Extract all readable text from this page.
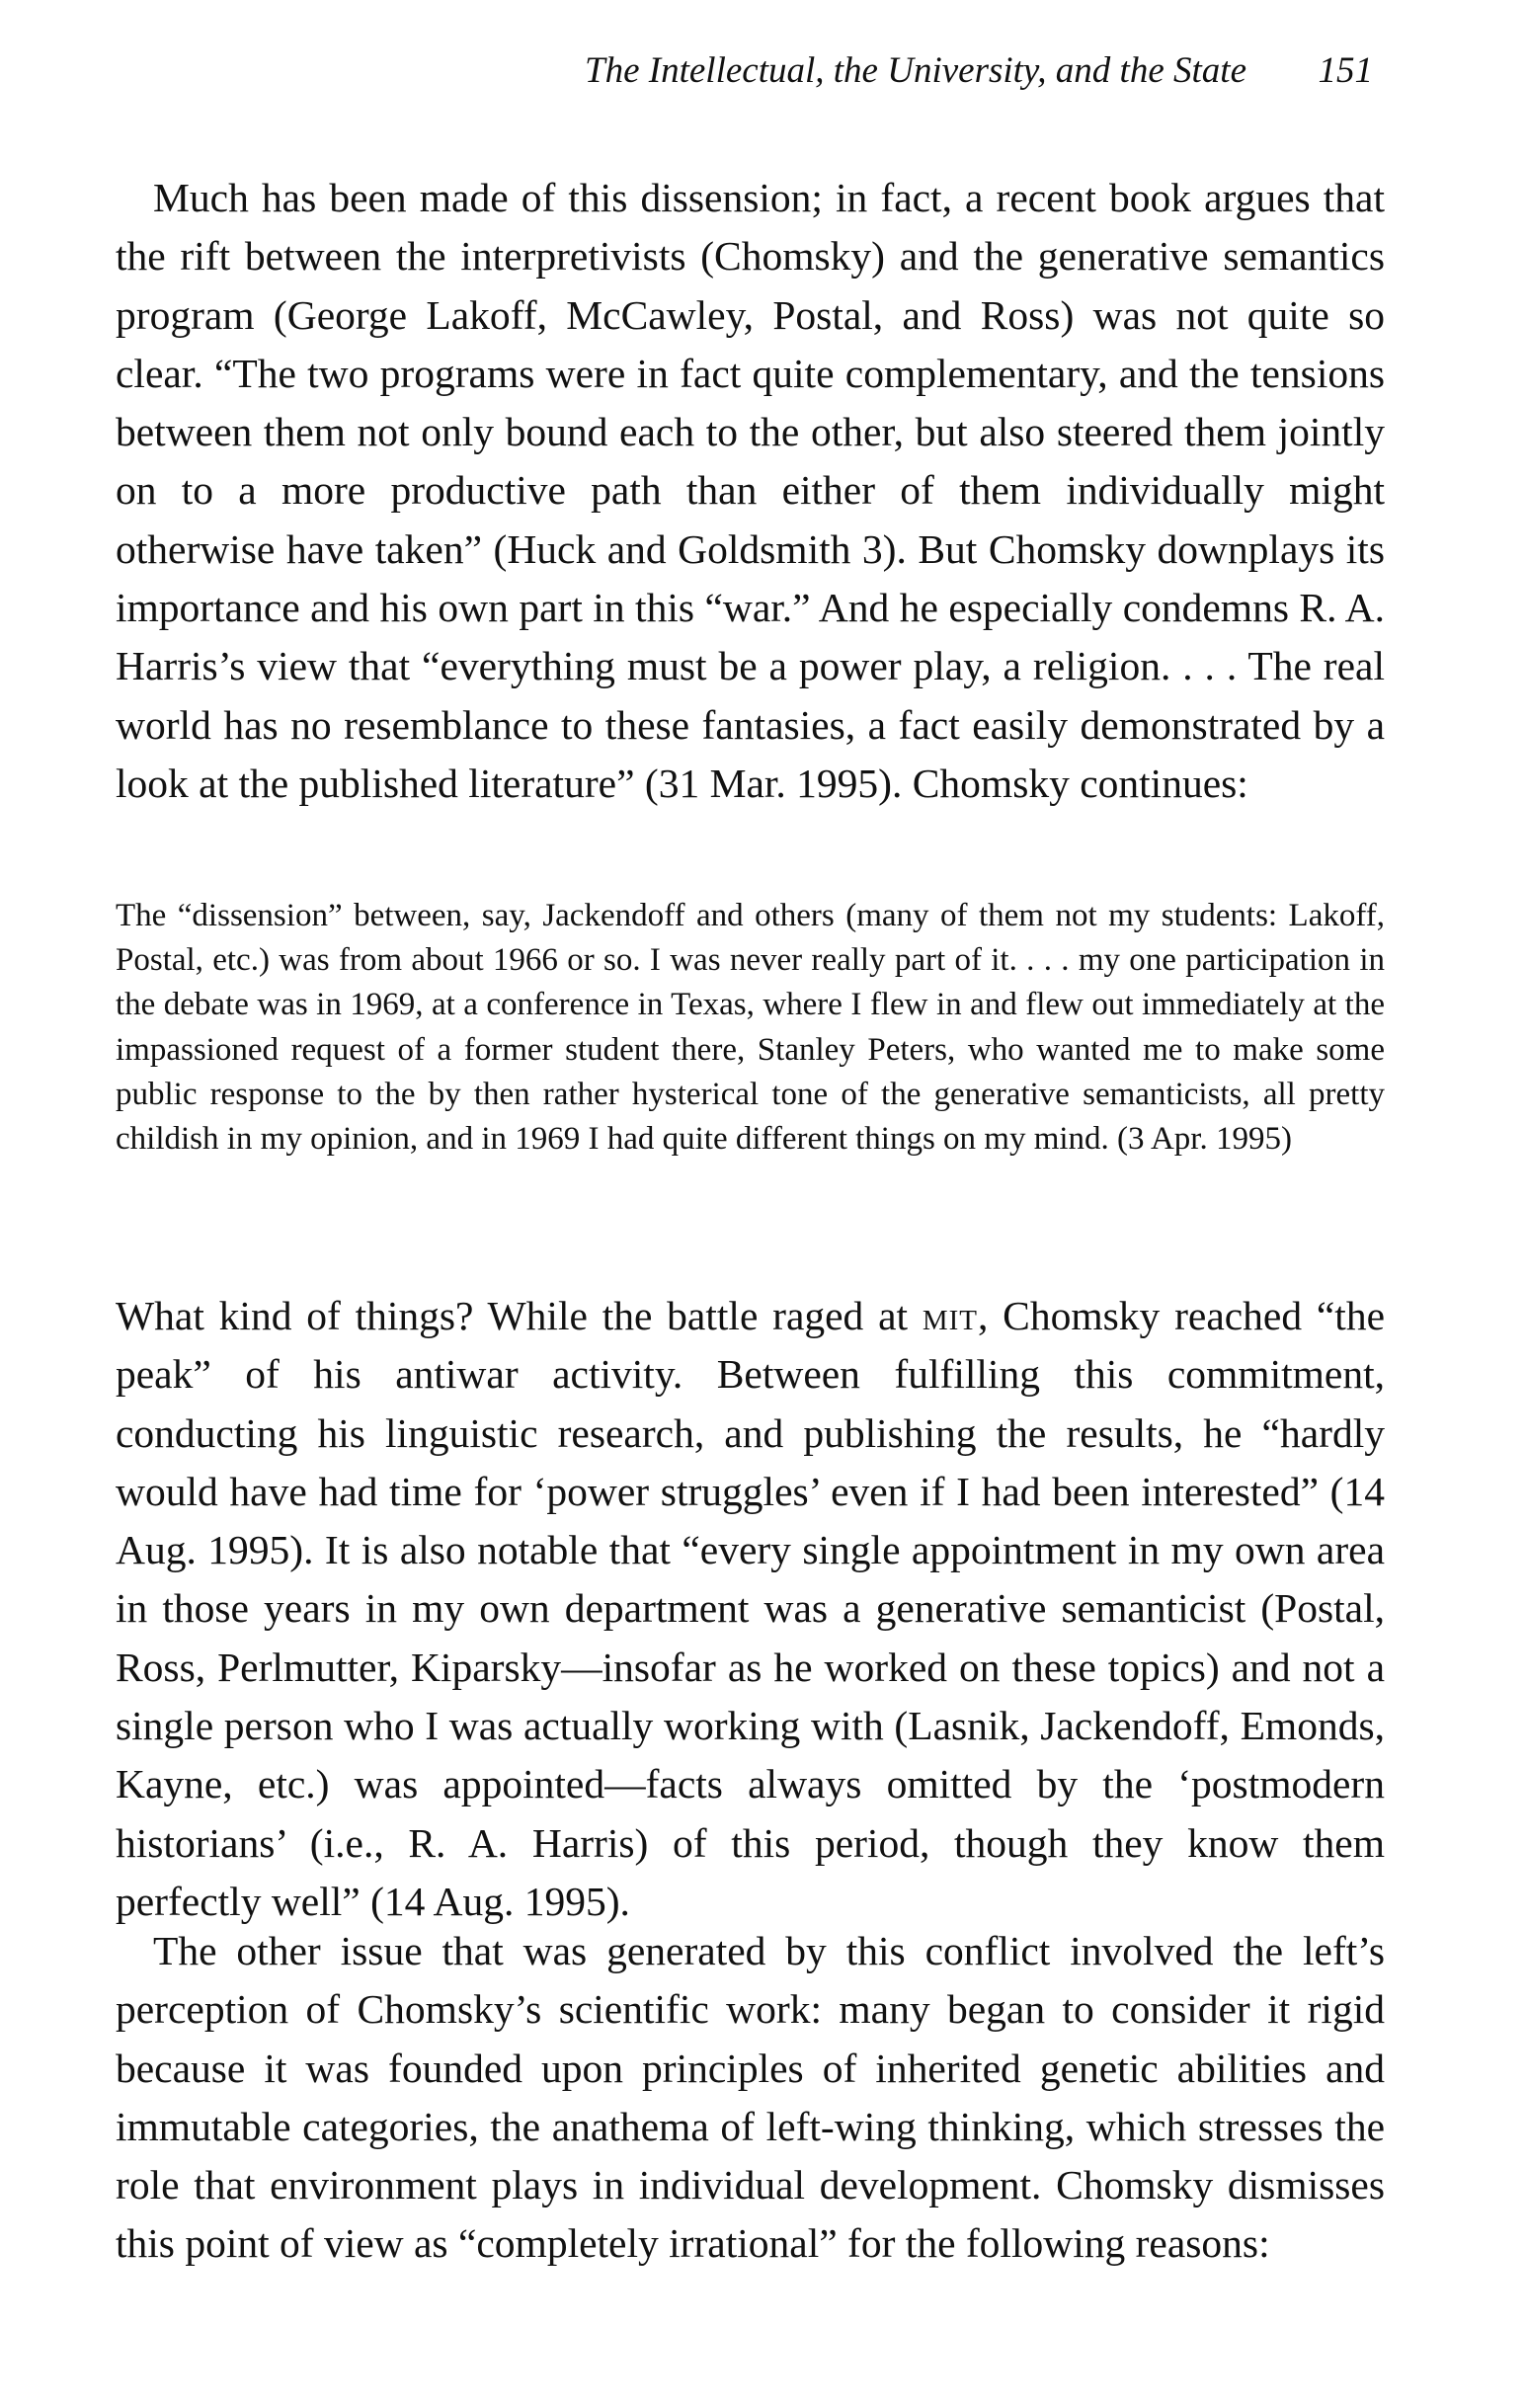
The Intellectual, the University, and the State 151

Much has been made of this dissension; in fact, a recent book argues that the rift between the interpretivists (Chomsky) and the generative semantics program (George Lakoff, McCawley, Postal, and Ross) was not quite so clear. “The two programs were in fact quite complementary, and the tensions between them not only bound each to the other, but also steered them jointly on to a more productive path than either of them individually might otherwise have taken” (Huck and Goldsmith 3). But Chomsky downplays its importance and his own part in this “war.” And he especially condemns R. A. Harris’s view that “everything must be a power play, a religion. . . . The real world has no resemblance to these fantasies, a fact easily demonstrated by a look at the published literature” (31 Mar. 1995). Chomsky continues:

The “dissension” between, say, Jackendoff and others (many of them not my students: Lakoff, Postal, etc.) was from about 1966 or so. I was never really part of it. . . . my one participation in the debate was in 1969, at a conference in Texas, where I flew in and flew out immediately at the impassioned request of a former student there, Stanley Peters, who wanted me to make some public response to the by then rather hysterical tone of the generative semanticists, all pretty childish in my opinion, and in 1969 I had quite different things on my mind. (3 Apr. 1995)

What kind of things? While the battle raged at mit, Chomsky reached “the peak” of his antiwar activity. Between fulfilling this commitment, conducting his linguistic research, and publishing the results, he “hardly would have had time for ‘power struggles’ even if I had been interested” (14 Aug. 1995). It is also notable that “every single appointment in my own area in those years in my own department was a generative semanticist (Postal, Ross, Perlmutter, Kiparsky—insofar as he worked on these topics) and not a single person who I was actually working with (Lasnik, Jackendoff, Emonds, Kayne, etc.) was appointed—facts always omitted by the ‘postmodern historians’ (i.e., R. A. Harris) of this period, though they know them perfectly well” (14 Aug. 1995).

The other issue that was generated by this conflict involved the left’s perception of Chomsky’s scientific work: many began to consider it rigid because it was founded upon principles of inherited genetic abilities and immutable categories, the anathema of left-wing thinking, which stresses the role that environment plays in individual development. Chomsky dismisses this point of view as “completely irrational” for the following reasons:
